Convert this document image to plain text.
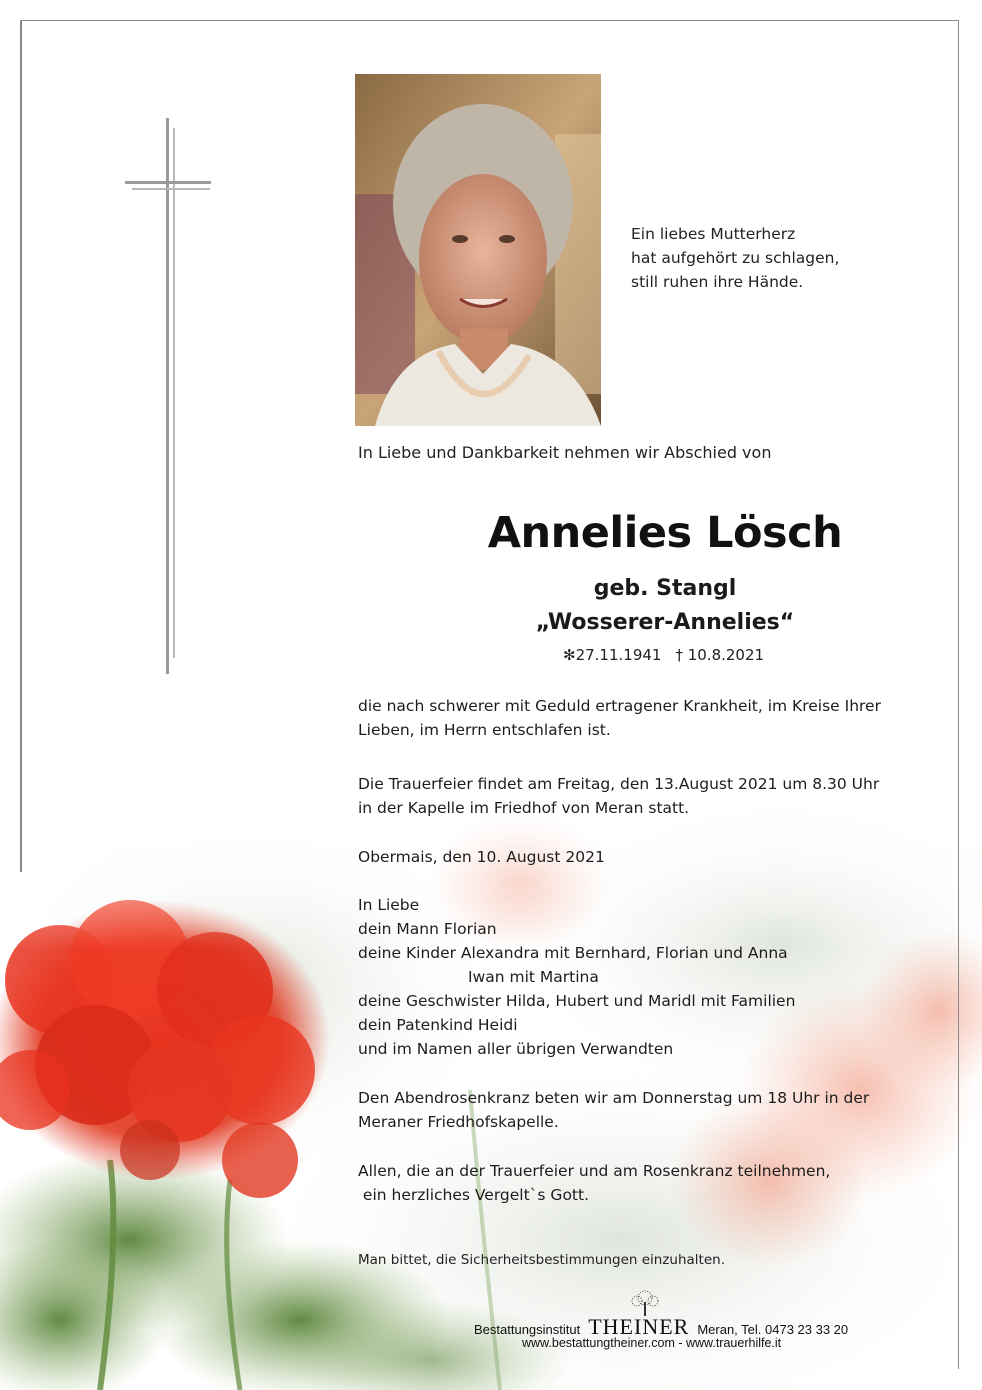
Ein liebes Mutterherz
hat aufgehört zu schlagen,
still ruhen ihre Hände.
In Liebe und Dankbarkeit nehmen wir Abschied von
Annelies Lösch
geb. Stangl
„Wosserer-Annelies“
✻27.11.1941 † 10.8.2021
die nach schwerer mit Geduld ertragener Krankheit, im Kreise Ihrer
Lieben, im Herrn entschlafen ist.
Die Trauerfeier findet am Freitag, den 13.August 2021 um 8.30 Uhr
in der Kapelle im Friedhof von Meran statt.
Obermais, den 10. August 2021
In Liebe
dein Mann Florian
deine Kinder Alexandra mit Bernhard, Florian und Anna
Iwan mit Martina
deine Geschwister Hilda, Hubert und Maridl mit Familien
dein Patenkind Heidi
und im Namen aller übrigen Verwandten
Den Abendrosenkranz beten wir am Donnerstag um 18 Uhr in der
Meraner Friedhofskapelle.
Allen, die an der Trauerfeier und am Rosenkranz teilnehmen,
ein herzliches Vergelt`s Gott.
Man bittet, die Sicherheitsbestimmungen einzuhalten.
Bestattungsinstitut THEINER Meran, Tel. 0473 23 33 20
www.bestattungtheiner.com - www.trauerhilfe.it
